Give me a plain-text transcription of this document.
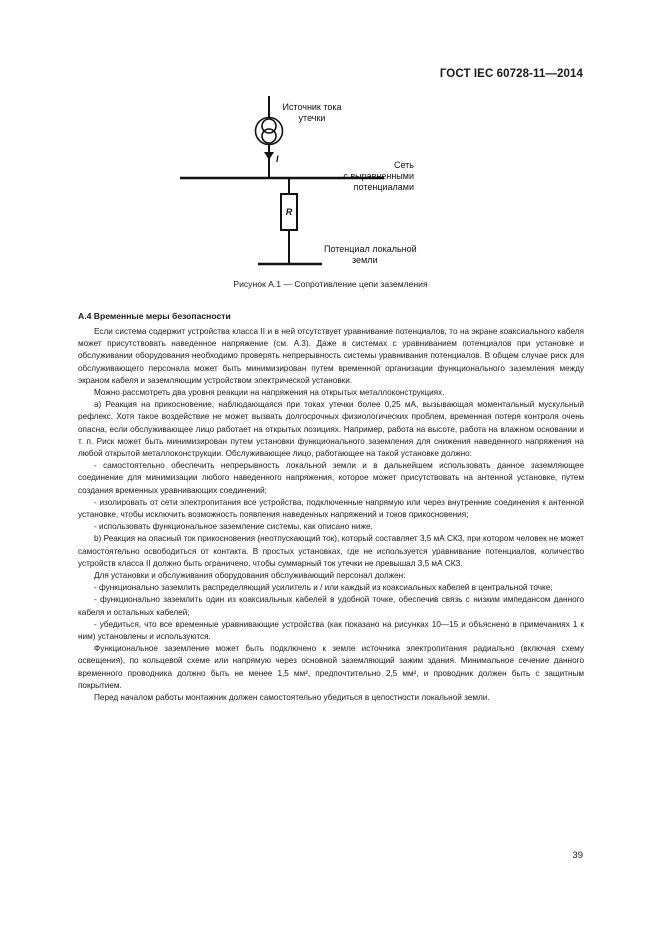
ГОСТ IEC 60728-11—2014
Источник тока
утечки
I
Сеть
с выравненными
потенциалами
R
Потенциал локальной
земли
Рисунок А.1 — Сопротивление цепи заземления
А.4 Временные меры безопасности

Если система содержит устройства класса II и в ней отсутствует уравнивание потенциалов, то на экране коаксиального кабеля может присутствовать наведенное напряжение (см. А.3). Даже в системах с уравниванием потенциалов при установке и обслуживании оборудования необходимо проверять непрерывность системы уравнивания потенциалов. В общем случае риск для обслуживающего персонала может быть минимизирован путем временной организации функционального заземления между экраном кабеля и заземляющим устройством электрической установки.

Можно рассмотреть два уровня реакции на напряжения на открытых металлоконструкциях.

а) Реакция на прикосновение, наблюдающаяся при токах утечки более 0,25 мА, вызывающая моментальный мускульный рефлекс. Хотя такое воздействие не может вызвать долгосрочных физиологических проблем, временная потеря контроля очень опасна, если обслуживающее лицо работает на открытых позициях. Например, работа на высоте, работа на влажном основании и т. п. Риск может быть минимизирован путем установки функционального заземления для снижения наведенного напряжения на любой открытой металлоконструкции. Обслуживающее лицо, работающее на такой установке должно:

- самостоятельно обеспечить непрерывность локальной земли и в дальнейшем использовать данное заземляющее соединение для минимизации любого наведенного напряжения, которое может присутствовать на антенной установке, путем создания временных уравнивающих соединений;

- изолировать от сети электропитания все устройства, подключенные напрямую или через внутренние соединения к антенной установке, чтобы исключить возможность появления наведенных напряжений и токов прикосновения;

- использовать функциональное заземление системы, как описано ниже.

b) Реакция на опасный ток прикосновения (неотпускающий ток), который составляет 3,5 мА СКЗ, при котором человек не может самостоятельно освободиться от контакта. В простых установках, где не используется уравнивание потенциалов, количество устройств класса II должно быть ограничено, чтобы суммарный ток утечки не превышал 3,5 мА СКЗ.

Для установки и обслуживания оборудования обслуживающий персонал должен:

- функционально заземлить распределяющий усилитель и / или каждый из коаксиальных кабелей в центральной точке;

- функционально заземлить один из коаксиальных кабелей в удобной точке, обеспечив связь с низким импедансом данного кабеля и остальных кабелей;

- убедиться, что все временные уравнивающие устройства (как показано на рисунках 10—15 и объяснено в примечаниях 1 к ним) установлены и используются.

Функциональное заземление может быть подключено к земле источника электропитания радиально (включая схему освещения), по кольцевой схеме или напрямую через основной заземляющий зажим здания. Минимальное сечение данного временного проводника должно быть не менее 1,5 мм², предпочтительно 2,5 мм², и проводник должен быть с защитным покрытием.

Перед началом работы монтажник должен самостоятельно убедиться в целостности локальной земли.

39
